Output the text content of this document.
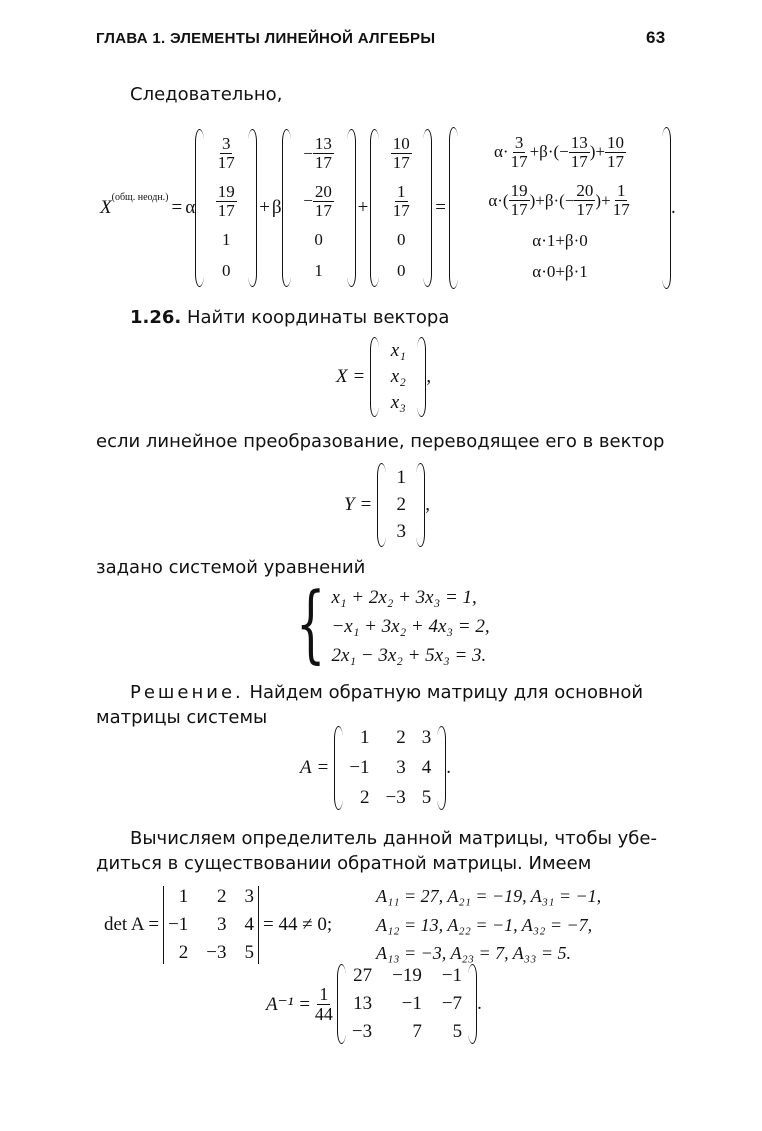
ГЛАВА 1. ЭЛЕМЕНТЫ ЛИНЕЙНОЙ АЛГЕБРЫ	63
Следовательно,
$X^{(общ. неодн.)} = \alpha$
$\frac{3}{17}$
$\frac{19}{17}$
1
0
+ β
− $\frac{13}{17}$
− $\frac{20}{17}$
0
1
+
$\frac{10}{17}$
$\frac{1}{17}$
0
0
=
$\alpha\cdot \frac{3}{17} +\beta\cdot$ (− $\frac{13}{17}$ ) + $\frac{10}{17}$
α· ( $\frac{19}{17}$ ) +β· (− $\frac{20}{17}$ ) + $\frac{1}{17}$
α·1+β·0
α·0+β·1
.
1.26. Найти координаты вектора
X =
x₁
x₂
x₃
,
если линейное преобразование, переводящее его в вектор
Y =
1
2
3
,
задано системой уравнений
{ x₁ + 2x₂ + 3x₃ = 1,
−x₁ + 3x₂ + 4x₃ = 2,
2x₁ − 3x₂ + 5x₃ = 3.
Решение. Найдем обратную матрицу для основной
матрицы системы
A =
1 2 3
−1 3 4
2 −3 5
.
Вычисляем определитель данной матрицы, чтобы убе-
диться в существовании обратной матрицы. Имеем
det A =
1 2 3
−1 3 4
2 −3 5
= 44 ≠ 0;
A₁₁ = 27, A₂₁ = −19, A₃₁ = −1,
A₁₂ = 13, A₂₂ = −1, A₃₂ = −7,
A₁₃ = −3, A₂₃ = 7, A₃₃ = 5.
$A^{-1} = \frac{1}{44}$
27 −19 −1
13 −1 −7
−3 7 5
.
